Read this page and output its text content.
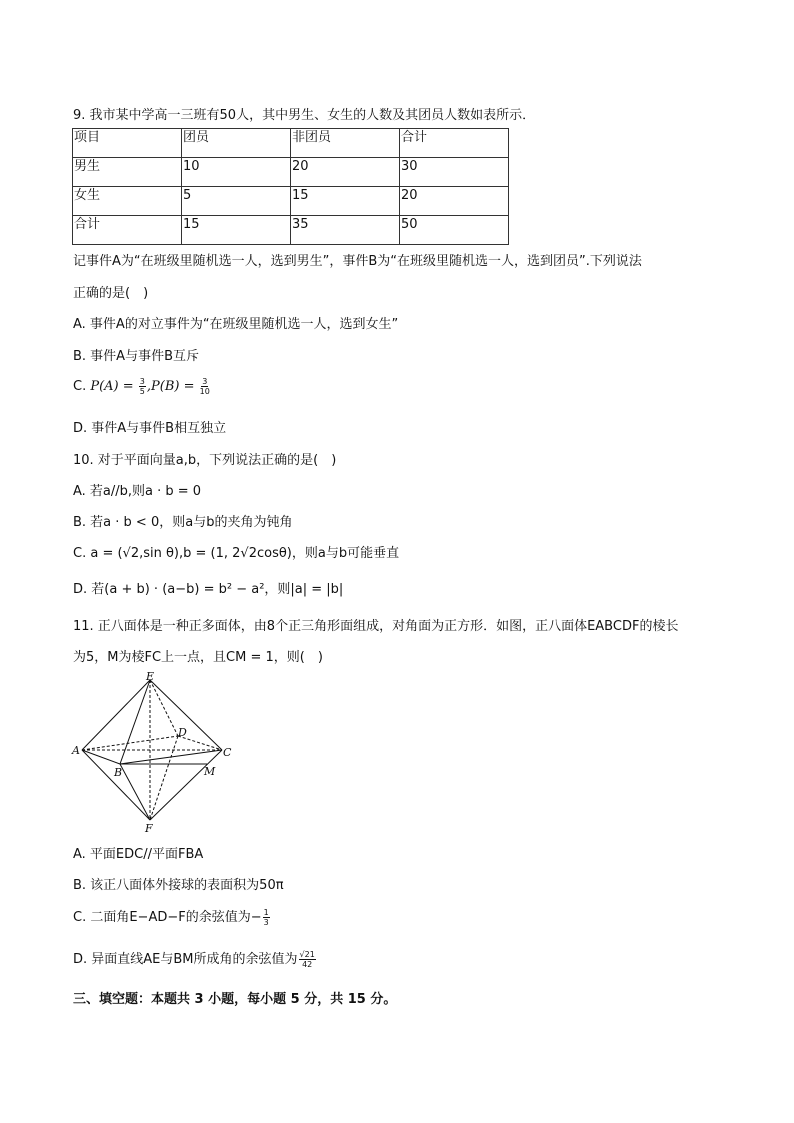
9. 我市某中学高一三班有50人，其中男生、女生的人数及其团员人数如表所示．
项目	团员	非团员	合计
男生	10	20	30
女生	5	15	20
合计	15	35	50
记事件A为“在班级里随机选一人，选到男生”，事件B为“在班级里随机选一人，选到团员”.下列说法
正确的是(　)
A. 事件A的对立事件为“在班级里随机选一人，选到女生”
B. 事件A与事件B互斥
C. $P(A) = \frac{3}{5} ,P(B) = \frac{3}{10}$
D. 事件A与事件B相互独立
10. 对于平面向量a,b，下列说法正确的是(　)
A. 若a//b,则a · b = 0
B. 若a · b < 0，则a与b的夹角为钝角
C. a = (√2,sin θ),b = (1, 2√2cosθ)，则a与b可能垂直
D. 若(a + b) · (a−b) = b² − a²，则|a| = |b|
11. 正八面体是一种正多面体，由8个正三角形面组成，对角面为正方形．如图，正八面体EABCDF的棱长
为5，M为棱FC上一点，且CM = 1，则(　)
E
A
B
C
D
M
F
A. 平面EDC//平面FBA
B. 该正八面体外接球的表面积为50π
C. 二面角E−AD−F的余弦值为− $\frac{1}{3}$
D. 异面直线AE与BM所成角的余弦值为 $\frac{√21}{42}$
三、填空题：本题共 3 小题，每小题 5 分，共 15 分。
